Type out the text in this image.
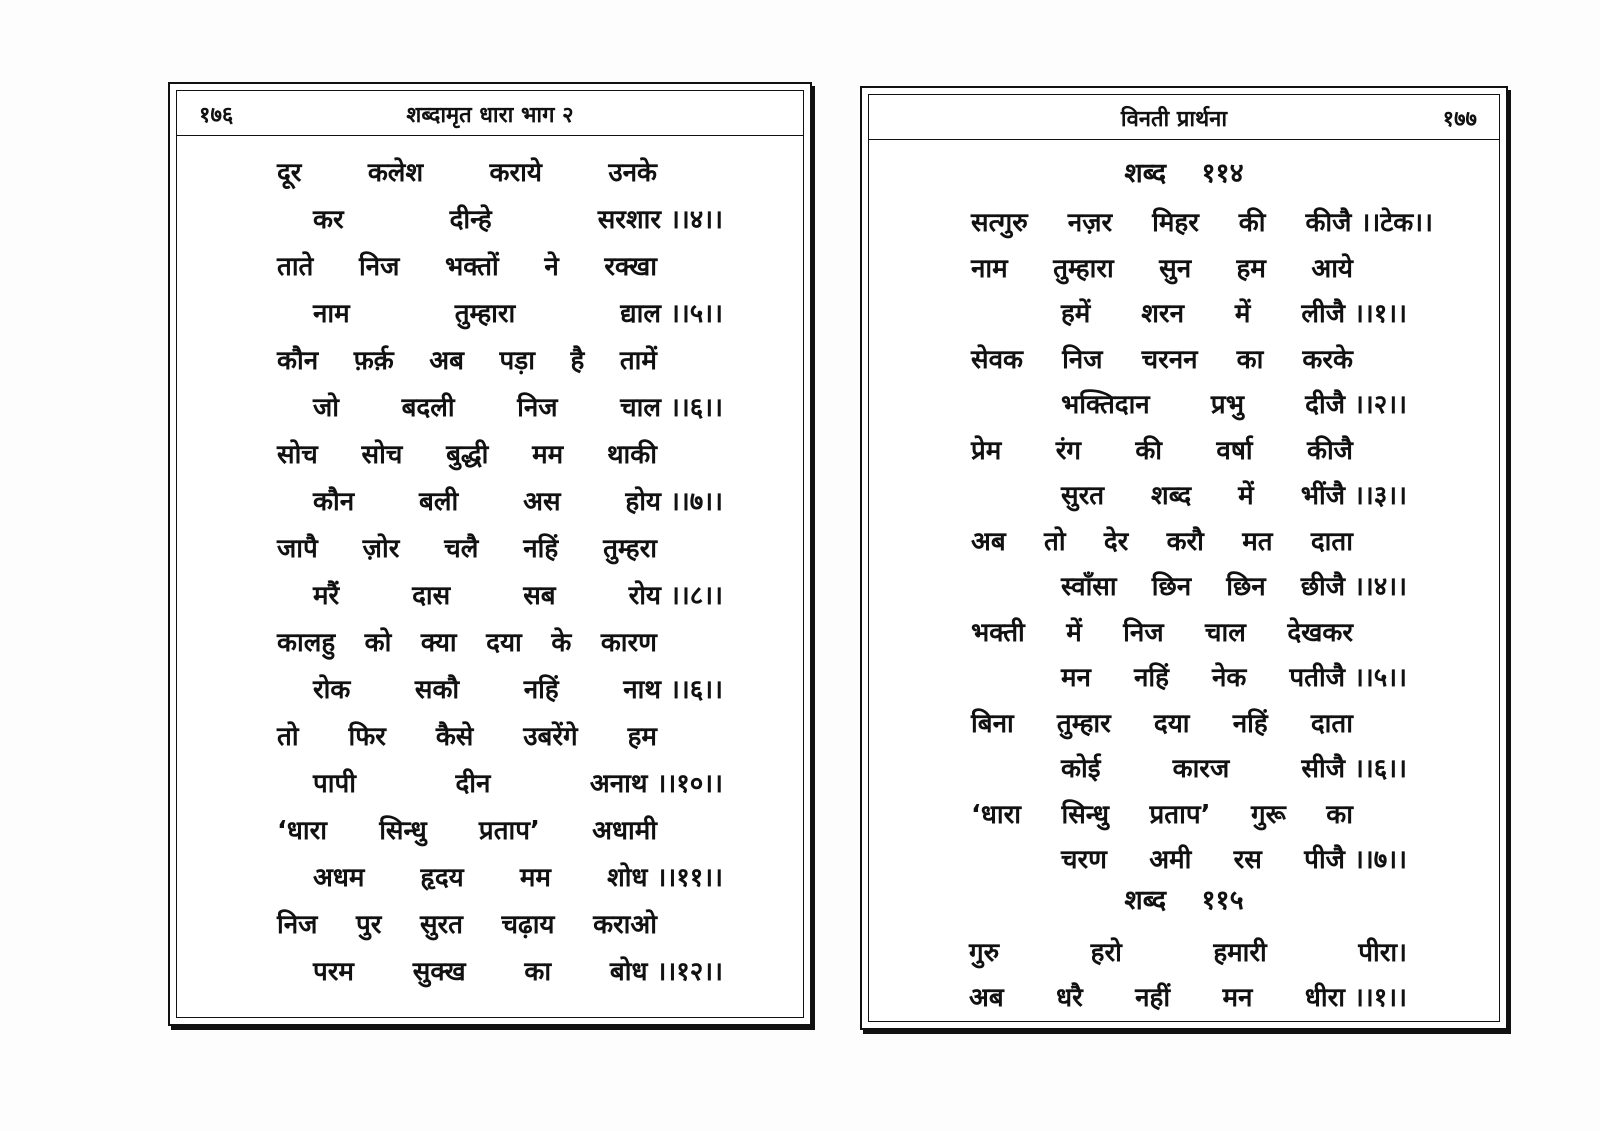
१७६	शब्दामृत धारा भाग २
दूर	कलेश	कराये	उनके
कर	दीन्हे	सरशार ।।४।।
ताते निज भक्तों ने रक्खा
नाम	तुम्हारा	द्याल ।।५।।
कौन फ़र्क़ अब पड़ा है तामें
जो बदली निज चाल ।।६।।
सोच सोच बुद्धी मम थाकी
कौन बली अस होय ।।७।।
जापै ज़ोर चलै नहिं तुम्हरा
मरैं	दास	सब	रोय ।।८।।
कालहु को क्या दया के कारण
रोक सकौ नहिं नाथ ।।६।।
तो फिर कैसे उबरेंगे हम
पापी	दीन	अनाथ ।।१०।।
‘धारा सिन्धु प्रताप’ अधामी
अधम हृदय मम शोध ।।११।।
निज पुर सुरत चढ़ाय कराओ
परम सुक्ख का बोध ।।१२।।
विनती प्रार्थना	१७७
शब्द ११४
सत्गुरु नज़र मिहर की कीजै ।।टेक।।
नाम तुम्हारा सुन हम आये
हमें शरन में लीजै ।।१।।
सेवक निज चरनन का करके
भक्तिदान प्रभु दीजै ।।२।।
प्रेम रंग की वर्षा कीजै
सुरत शब्द में भींजै ।।३।।
अब तो देर करौ मत दाता
स्वाँसा छिन छिन छीजै ।।४।।
भक्ती में निज चाल देखकर
मन नहिं नेक पतीजै ।।५।।
बिना तुम्हार दया नहिं दाता
कोई	कारज	सीजै ।।६।।
‘धारा सिन्धु प्रताप’ गुरू का
चरण अमी रस पीजै ।।७।।
शब्द ११५
गुरु	हरो	हमारी	पीरा।
अब धरै नहीं मन धीरा ।।१।।
